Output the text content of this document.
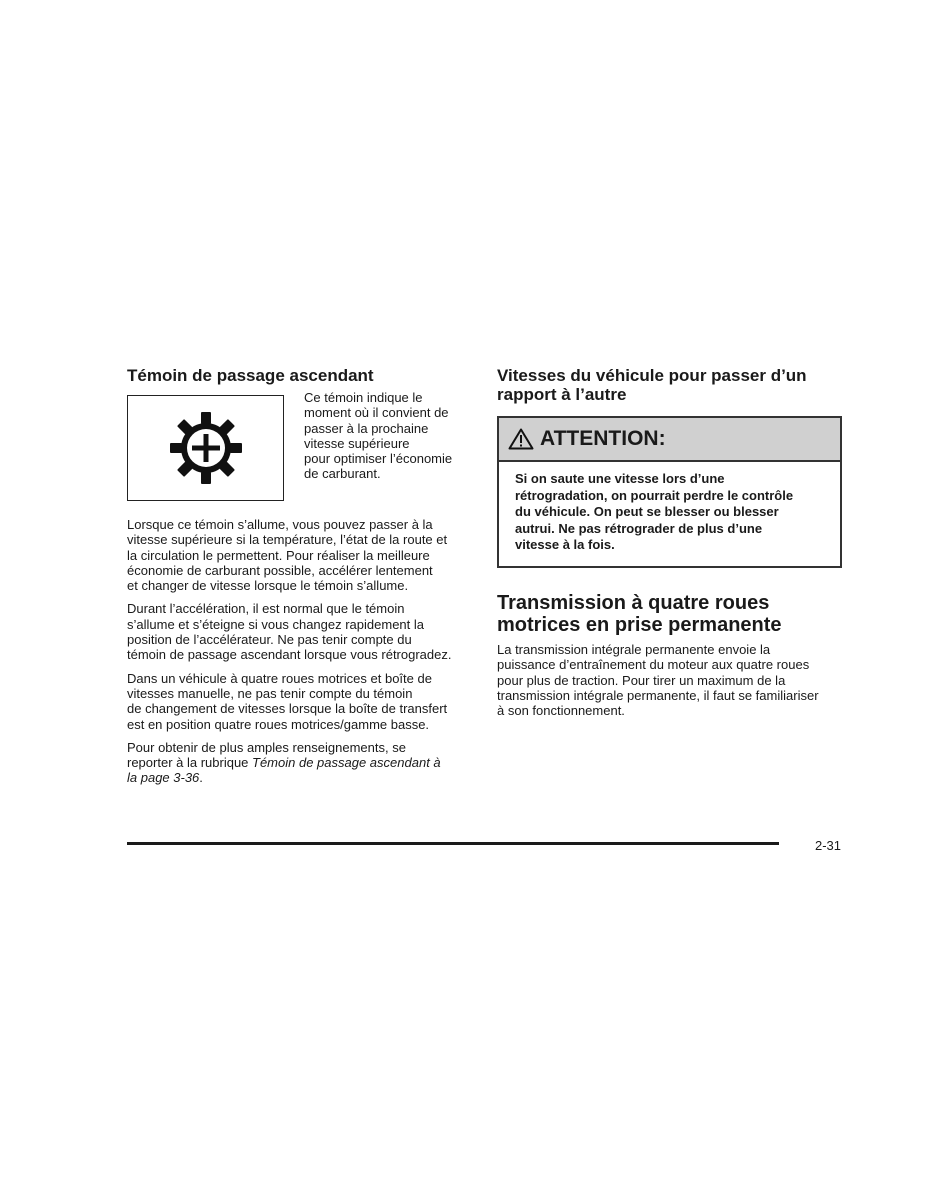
Témoin de passage ascendant
Ce témoin indique le
moment où il convient de
passer à la prochaine
vitesse supérieure
pour optimiser l’économie
de carburant.

Lorsque ce témoin s’allume, vous pouvez passer à la
vitesse supérieure si la température, l’état de la route et
la circulation le permettent. Pour réaliser la meilleure
économie de carburant possible, accélérer lentement
et changer de vitesse lorsque le témoin s’allume.

Durant l’accélération, il est normal que le témoin
s’allume et s’éteigne si vous changez rapidement la
position de l’accélérateur. Ne pas tenir compte du
témoin de passage ascendant lorsque vous rétrogradez.

Dans un véhicule à quatre roues motrices et boîte de
vitesses manuelle, ne pas tenir compte du témoin
de changement de vitesses lorsque la boîte de transfert
est en position quatre roues motrices/gamme basse.

Pour obtenir de plus amples renseignements, se
reporter à la rubrique Témoin de passage ascendant à
la page 3-36.

Vitesses du véhicule pour passer d’un
rapport à l’autre
ATTENTION:
Si on saute une vitesse lors d’une
rétrogradation, on pourrait perdre le contrôle
du véhicule. On peut se blesser ou blesser
autrui. Ne pas rétrograder de plus d’une
vitesse à la fois.
Transmission à quatre roues
motrices en prise permanente

La transmission intégrale permanente envoie la
puissance d’entraînement du moteur aux quatre roues
pour plus de traction. Pour tirer un maximum de la
transmission intégrale permanente, il faut se familiariser
à son fonctionnement.

2-31
